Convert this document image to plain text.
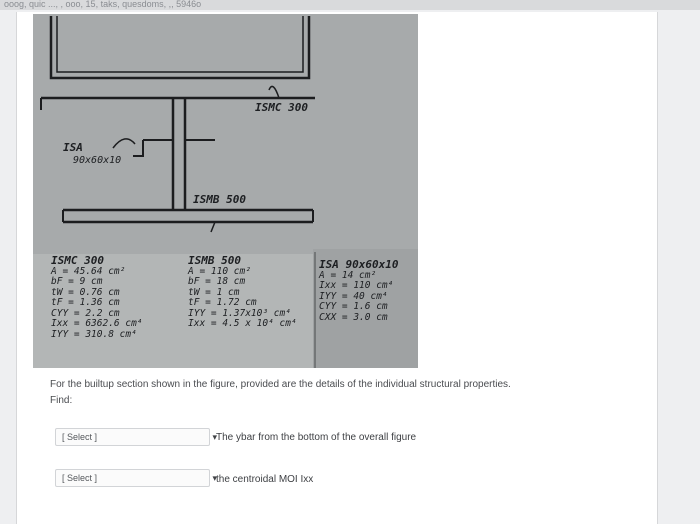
ooog, quic ..., , ooo, 15, taks, quesdoms, ,, 5946o
ISMC 300
ISA
90x60x10
ISMB 500
ISMC 300
A = 45.64 cm²
bF = 9 cm
tW = 0.76 cm
tF = 1.36 cm
CYY = 2.2 cm
Ixx = 6362.6 cm⁴
IYY = 310.8 cm⁴
ISMB 500
A = 110 cm²
bF = 18 cm
tW = 1 cm
tF = 1.72 cm
IYY = 1.37x10³ cm⁴
Ixx = 4.5 x 10⁴ cm⁴
ISA 90x60x10
A = 14 cm²
Ixx = 110 cm⁴
IYY = 40 cm⁴
CYY = 1.6 cm
CXX = 3.0 cm
For the builtup section shown in the figure, provided are the details of the individual structural properties.
Find:
[ Select ]	▾ The ybar from the bottom of the overall figure
[ Select ]	▾ the centroidal MOI Ixx
